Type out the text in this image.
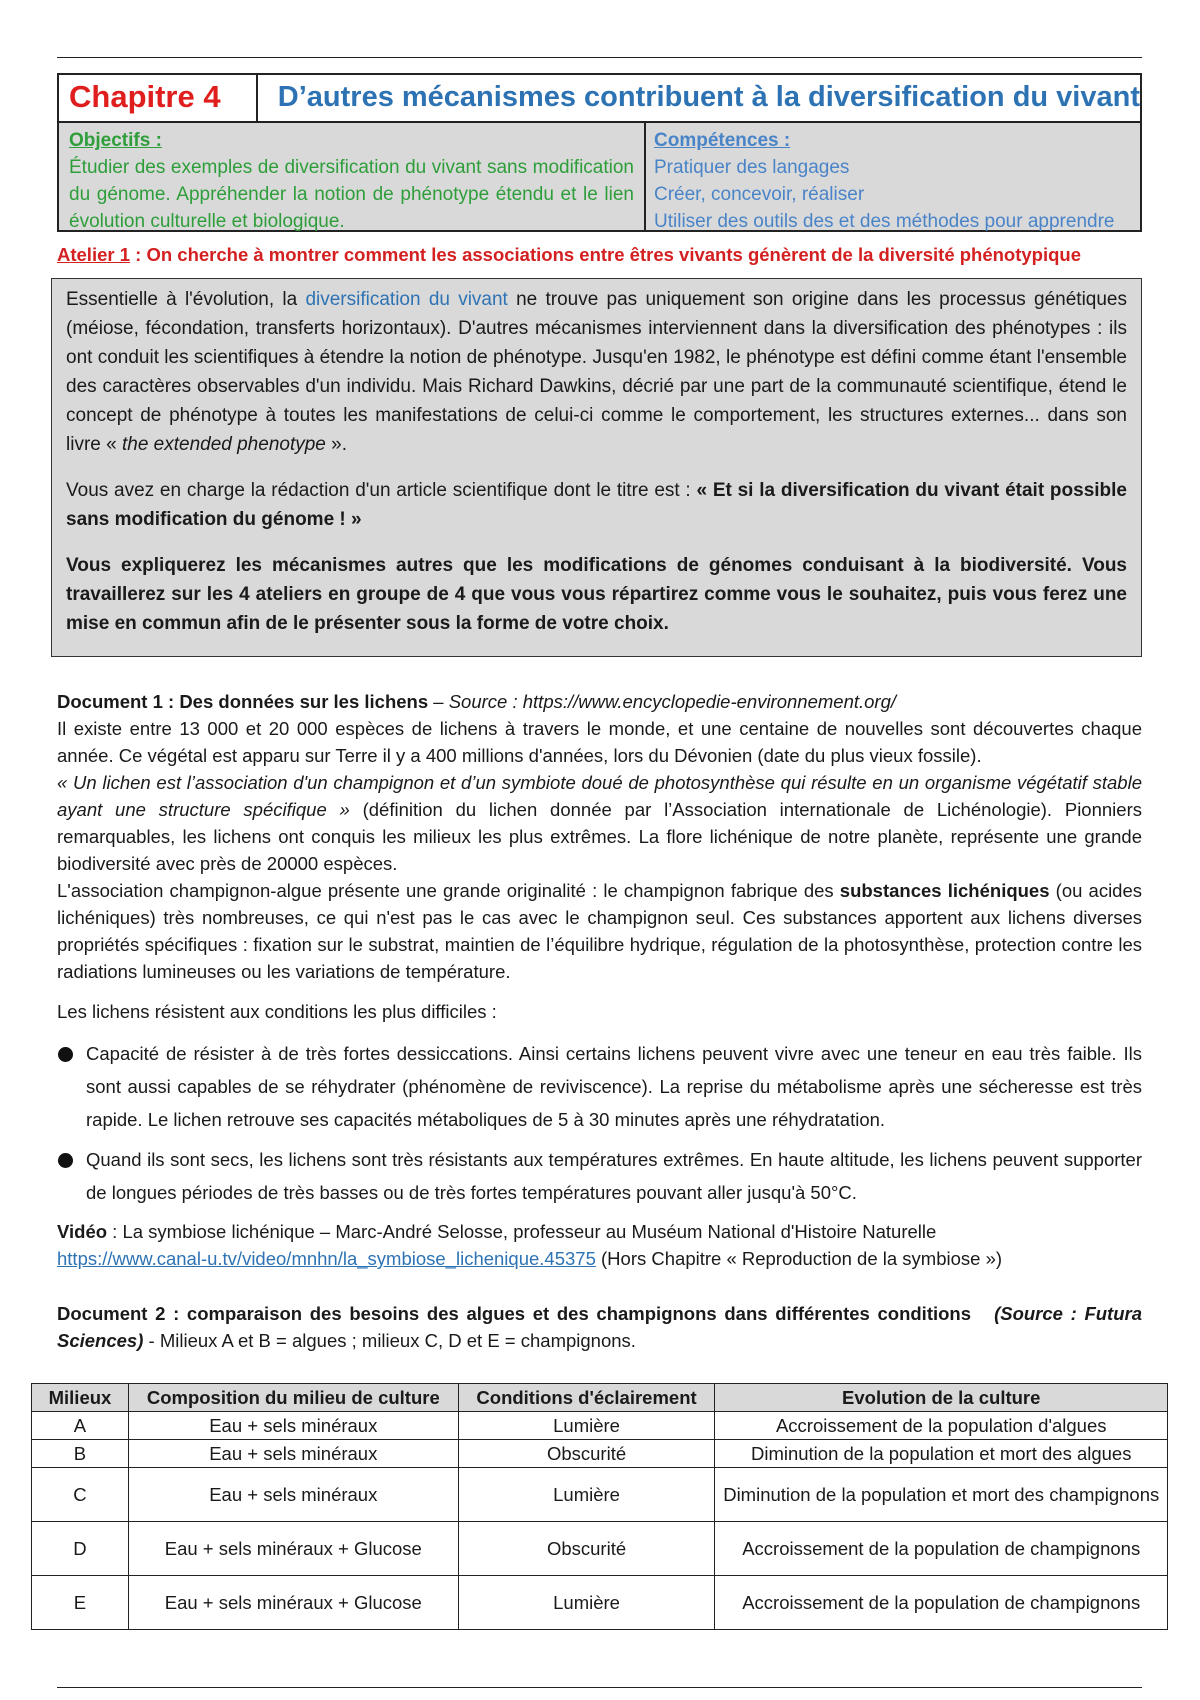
Chapitre 4	D’autres mécanismes contribuent à la diversification du vivant
Objectifs :
Étudier des exemples de diversification du vivant sans modification du génome. Appréhender la notion de phénotype étendu et le lien évolution culturelle et biologique.
Compétences :
Pratiquer des langages
Créer, concevoir, réaliser
Utiliser des outils des et des méthodes pour apprendre
Atelier 1 : On cherche à montrer comment les associations entre êtres vivants génèrent de la diversité phénotypique

Essentielle à l'évolution, la diversification du vivant ne trouve pas uniquement son origine dans les processus génétiques (méiose, fécondation, transferts horizontaux). D'autres mécanismes interviennent dans la diversification des phénotypes : ils ont conduit les scientifiques à étendre la notion de phénotype. Jusqu'en 1982, le phénotype est défini comme étant l'ensemble des caractères observables d'un individu. Mais Richard Dawkins, décrié par une part de la communauté scientifique, étend le concept de phénotype à toutes les manifestations de celui-ci comme le comportement, les structures externes... dans son livre « the extended phenotype ».

Vous avez en charge la rédaction d'un article scientifique dont le titre est : « Et si la diversification du vivant était possible sans modification du génome ! »

Vous expliquerez les mécanismes autres que les modifications de génomes conduisant à la biodiversité. Vous travaillerez sur les 4 ateliers en groupe de 4 que vous vous répartirez comme vous le souhaitez, puis vous ferez une mise en commun afin de le présenter sous la forme de votre choix.

Document 1 : Des données sur les lichens – Source : https://www.encyclopedie-environnement.org/

Il existe entre 13 000 et 20 000 espèces de lichens à travers le monde, et une centaine de nouvelles sont découvertes chaque année. Ce végétal est apparu sur Terre il y a 400 millions d'années, lors du Dévonien (date du plus vieux fossile).

« Un lichen est l’association d'un champignon et d’un symbiote doué de photosynthèse qui résulte en un organisme végétatif stable ayant une structure spécifique » (définition du lichen donnée par l’Association internationale de Lichénologie). Pionniers remarquables, les lichens ont conquis les milieux les plus extrêmes. La flore lichénique de notre planète, représente une grande biodiversité avec près de 20000 espèces.

L'association champignon-algue présente une grande originalité : le champignon fabrique des substances lichéniques (ou acides lichéniques) très nombreuses, ce qui n'est pas le cas avec le champignon seul. Ces substances apportent aux lichens diverses propriétés spécifiques : fixation sur le substrat, maintien de l’équilibre hydrique, régulation de la photosynthèse, protection contre les radiations lumineuses ou les variations de température.

Les lichens résistent aux conditions les plus difficiles :

Capacité de résister à de très fortes dessiccations. Ainsi certains lichens peuvent vivre avec une teneur en eau très faible. Ils sont aussi capables de se réhydrater (phénomène de reviviscence). La reprise du métabolisme après une sécheresse est très rapide. Le lichen retrouve ses capacités métaboliques de 5 à 30 minutes après une réhydratation.
Quand ils sont secs, les lichens sont très résistants aux températures extrêmes. En haute altitude, les lichens peuvent supporter de longues périodes de très basses ou de très fortes températures pouvant aller jusqu'à 50°C.
Vidéo : La symbiose lichénique – Marc-André Selosse, professeur au Muséum National d'Histoire Naturelle
https://www.canal-u.tv/video/mnhn/la_symbiose_lichenique.45375 (Hors Chapitre « Reproduction de la symbiose »)

Document 2 : comparaison des besoins des algues et des champignons dans différentes conditions (Source : Futura Sciences) - Milieux A et B = algues ; milieux C, D et E = champignons.

Milieux	Composition du milieu de culture	Conditions d'éclairement	Evolution de la culture
A	Eau + sels minéraux	Lumière	Accroissement de la population d'algues
B	Eau + sels minéraux	Obscurité	Diminution de la population et mort des algues
C	Eau + sels minéraux	Lumière	Diminution de la population et mort des champignons
D	Eau + sels minéraux + Glucose	Obscurité	Accroissement de la population de champignons
E	Eau + sels minéraux + Glucose	Lumière	Accroissement de la population de champignons
